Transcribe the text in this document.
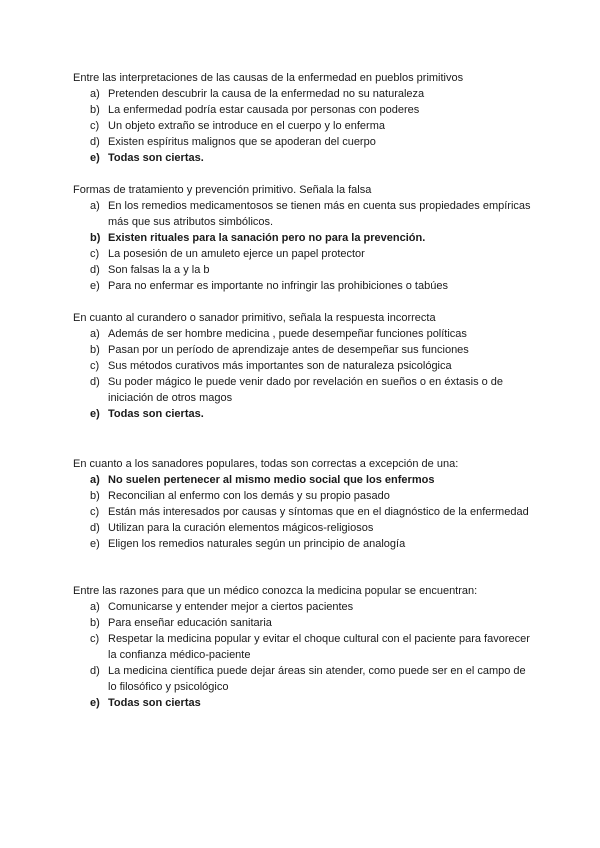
Entre las interpretaciones de las causas de la enfermedad en pueblos primitivos

a) Pretenden descubrir la causa de la enfermedad no su naturaleza
b) La enfermedad podría estar causada por personas con poderes
c) Un objeto extraño se introduce en el cuerpo y lo enferma
d) Existen espíritus malignos que se apoderan del cuerpo
e) Todas son ciertas.

Formas de tratamiento y prevención primitivo. Señala la falsa

a) En los remedios medicamentosos se tienen más en cuenta sus propiedades empíricas más que sus atributos simbólicos.
b) Existen rituales para la sanación pero no para la prevención.
c) La posesión de un amuleto ejerce un papel protector
d) Son falsas la a y la b
e) Para no enfermar es importante no infringir las prohibiciones o tabúes

En cuanto al curandero o sanador primitivo, señala la respuesta incorrecta

a) Además de ser hombre medicina , puede desempeñar funciones políticas
b) Pasan por un período de aprendizaje antes de desempeñar sus funciones
c) Sus métodos curativos más importantes son de naturaleza psicológica
d) Su poder mágico le puede venir dado por revelación en sueños o en éxtasis o de iniciación de otros magos
e) Todas son ciertas.

En cuanto a los sanadores populares, todas son correctas a excepción de una:

a) No suelen pertenecer al mismo medio social que los enfermos
b) Reconcilian al enfermo con los demás y su propio pasado
c) Están más interesados por causas y síntomas que en el diagnóstico de la enfermedad
d) Utilizan para la curación elementos mágicos-religiosos
e) Eligen los remedios naturales según un principio de analogía

Entre las razones para que un médico conozca la medicina popular se encuentran:

a) Comunicarse y entender mejor a ciertos pacientes
b) Para enseñar educación sanitaria
c) Respetar la medicina popular y evitar el choque cultural con el paciente para favorecer la confianza médico-paciente
d) La medicina científica puede dejar áreas sin atender, como puede ser en el campo de lo filosófico y psicológico
e) Todas son ciertas
